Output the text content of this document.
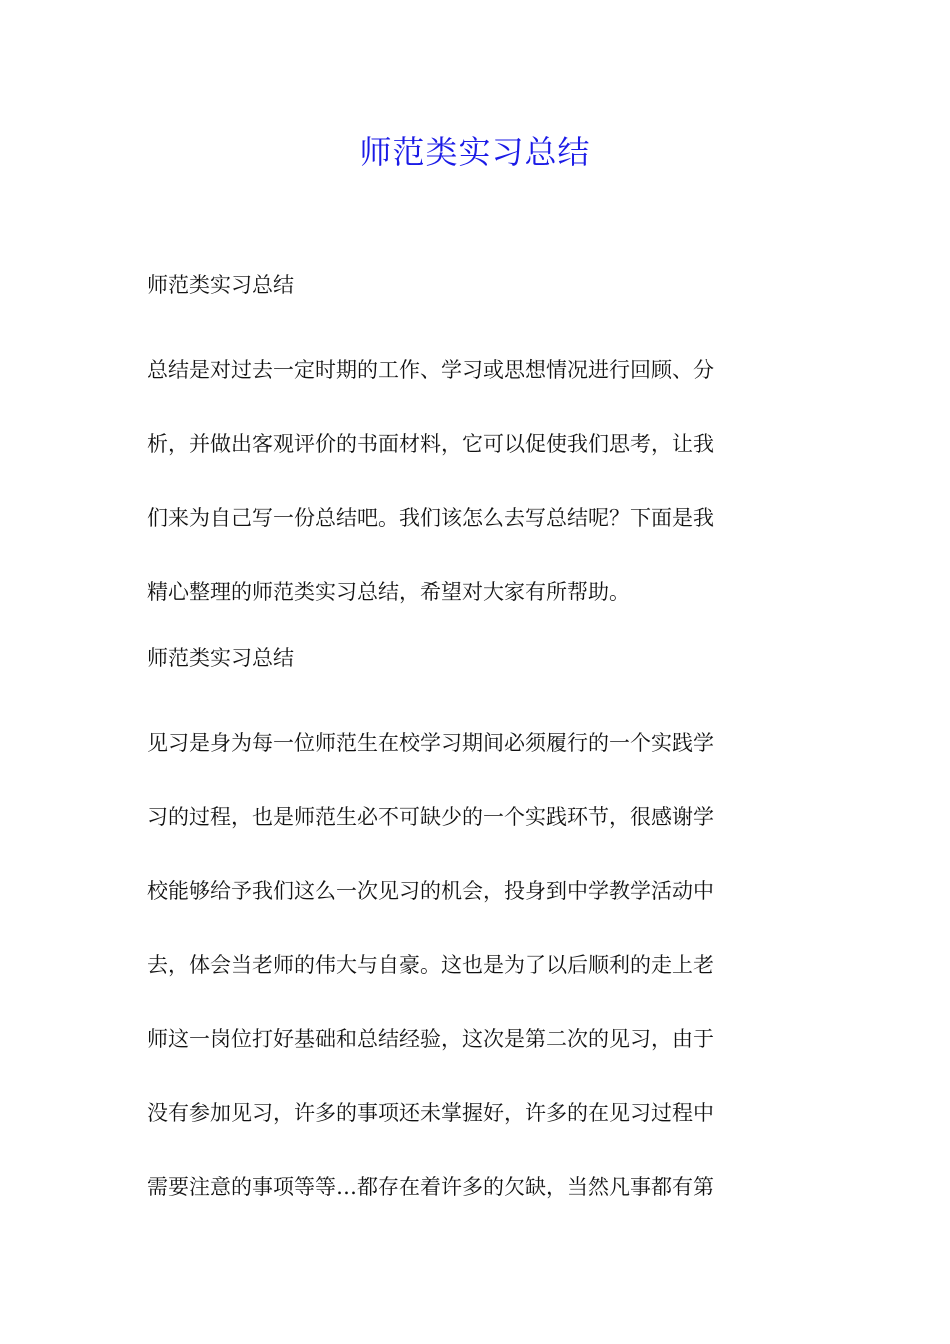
师范类实习总结
师范类实习总结
总结是对过去一定时期的工作、学习或思想情况进行回顾、分
析，并做出客观评价的书面材料，它可以促使我们思考，让我
们来为自己写一份总结吧。我们该怎么去写总结呢？下面是我
精心整理的师范类实习总结，希望对大家有所帮助。
师范类实习总结
见习是身为每一位师范生在校学习期间必须履行的一个实践学
习的过程，也是师范生必不可缺少的一个实践环节，很感谢学
校能够给予我们这么一次见习的机会，投身到中学教学活动中
去，体会当老师的伟大与自豪。这也是为了以后顺利的走上老
师这一岗位打好基础和总结经验，这次是第二次的见习，由于
没有参加见习，许多的事项还未掌握好，许多的在见习过程中
需要注意的事项等等…都存在着许多的欠缺，当然凡事都有第
